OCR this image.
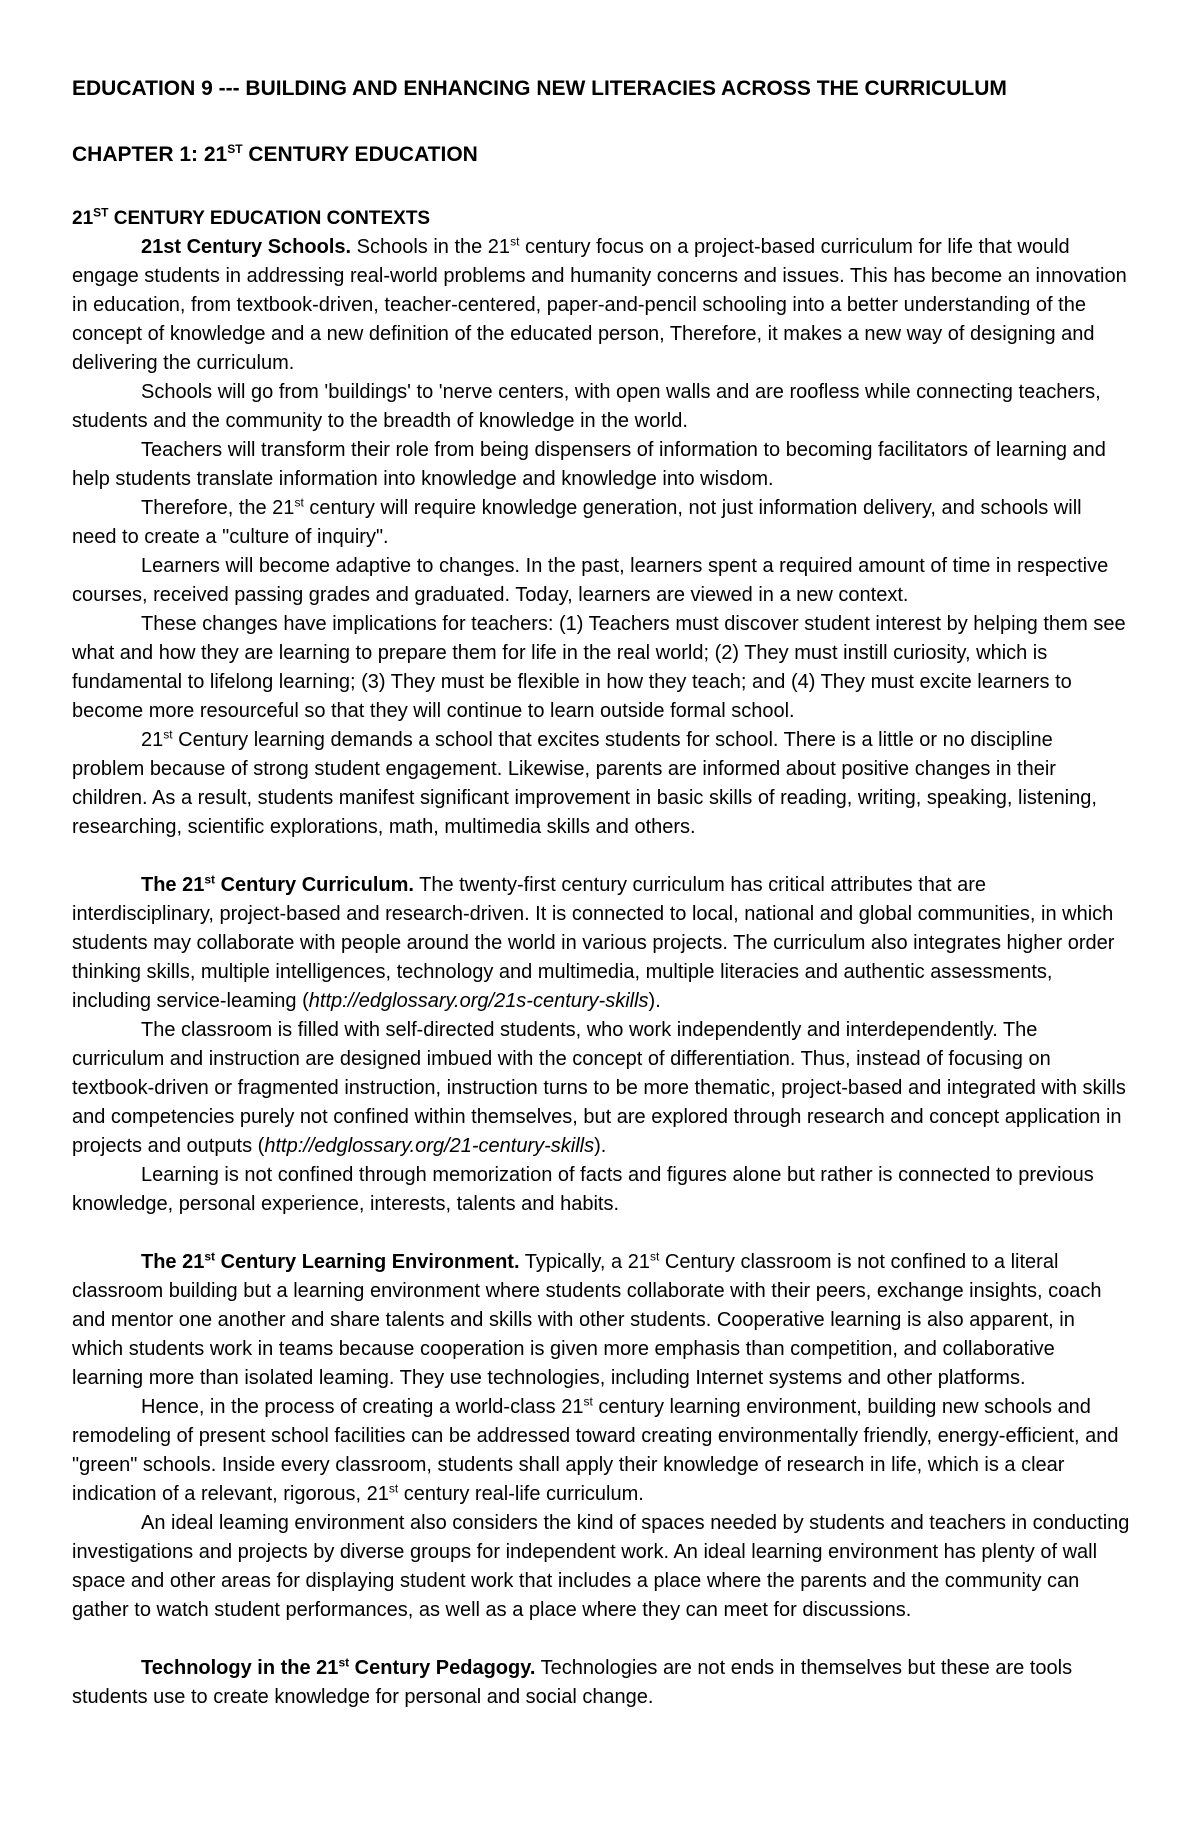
EDUCATION 9 --- BUILDING AND ENHANCING NEW LITERACIES ACROSS THE CURRICULUM
CHAPTER 1: 21ST CENTURY EDUCATION
21ST CENTURY EDUCATION CONTEXTS

21st Century Schools. Schools in the 21st century focus on a project-based curriculum for life that would engage students in addressing real-world problems and humanity concerns and issues. This has become an innovation in education, from textbook-driven, teacher-centered, paper-and-pencil schooling into a better understanding of the concept of knowledge and a new definition of the educated person, Therefore, it makes a new way of designing and delivering the curriculum.

Schools will go from 'buildings' to 'nerve centers, with open walls and are roofless while connecting teachers, students and the community to the breadth of knowledge in the world.

Teachers will transform their role from being dispensers of information to becoming facilitators of learning and help students translate information into knowledge and knowledge into wisdom.

Therefore, the 21st century will require knowledge generation, not just information delivery, and schools will need to create a "culture of inquiry".

Learners will become adaptive to changes. In the past, learners spent a required amount of time in respective courses, received passing grades and graduated. Today, learners are viewed in a new context.

These changes have implications for teachers: (1) Teachers must discover student interest by helping them see what and how they are learning to prepare them for life in the real world; (2) They must instill curiosity, which is fundamental to lifelong learning; (3) They must be flexible in how they teach; and (4) They must excite learners to become more resourceful so that they will continue to learn outside formal school.

21st Century learning demands a school that excites students for school. There is a little or no discipline problem because of strong student engagement. Likewise, parents are informed about positive changes in their children. As a result, students manifest significant improvement in basic skills of reading, writing, speaking, listening, researching, scientific explorations, math, multimedia skills and others.

The 21st Century Curriculum. The twenty-first century curriculum has critical attributes that are interdisciplinary, project-based and research-driven. It is connected to local, national and global communities, in which students may collaborate with people around the world in various projects. The curriculum also integrates higher order thinking skills, multiple intelligences, technology and multimedia, multiple literacies and authentic assessments, including service-leaming (http://edglossary.org/21s-century-skills).

The classroom is filled with self-directed students, who work independently and interdependently. The curriculum and instruction are designed imbued with the concept of differentiation. Thus, instead of focusing on textbook-driven or fragmented instruction, instruction turns to be more thematic, project-based and integrated with skills and competencies purely not confined within themselves, but are explored through research and concept application in projects and outputs (http://edglossary.org/21-century-skills).

Learning is not confined through memorization of facts and figures alone but rather is connected to previous knowledge, personal experience, interests, talents and habits.

The 21st Century Learning Environment. Typically, a 21st Century classroom is not confined to a literal classroom building but a learning environment where students collaborate with their peers, exchange insights, coach and mentor one another and share talents and skills with other students. Cooperative learning is also apparent, in which students work in teams because cooperation is given more emphasis than competition, and collaborative learning more than isolated leaming. They use technologies, including Internet systems and other platforms.

Hence, in the process of creating a world-class 21st century learning environment, building new schools and remodeling of present school facilities can be addressed toward creating environmentally friendly, energy-efficient, and "green" schools. Inside every classroom, students shall apply their knowledge of research in life, which is a clear indication of a relevant, rigorous, 21st century real-life curriculum.

An ideal leaming environment also considers the kind of spaces needed by students and teachers in conducting investigations and projects by diverse groups for independent work. An ideal learning environment has plenty of wall space and other areas for displaying student work that includes a place where the parents and the community can gather to watch student performances, as well as a place where they can meet for discussions.

Technology in the 21st Century Pedagogy. Technologies are not ends in themselves but these are tools students use to create knowledge for personal and social change.
